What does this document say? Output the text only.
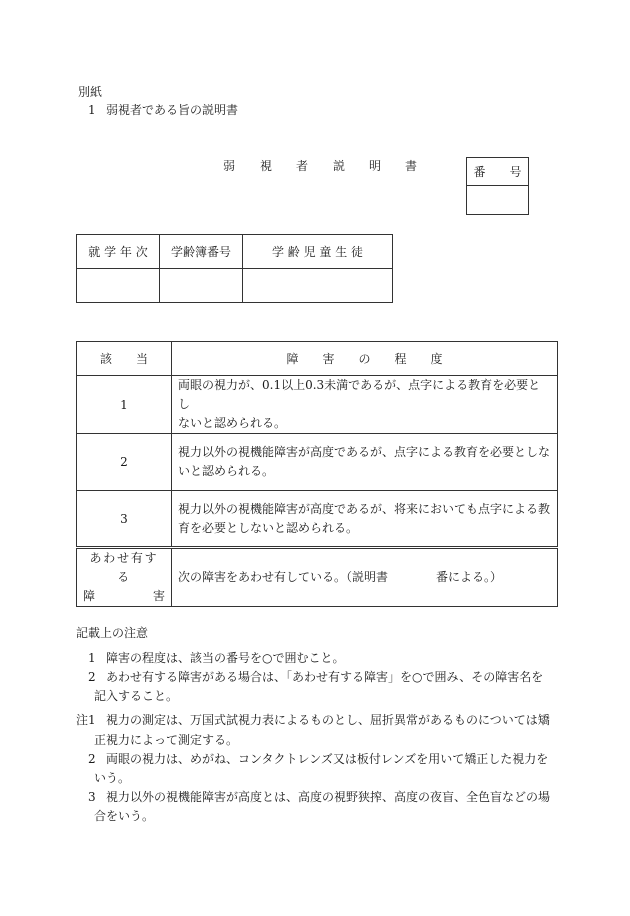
別紙
1 弱視者である旨の説明書
弱 視 者 説 明 書	番　　号

就 学 年 次	学齢簿番号	学 齢 児 童 生 徒

該　　当	障　　害　　の　　程　　度
1	両眼の視力が、0.1以上0.3未満であるが、点字による教育を必要とし
ないと認められる。

2	視力以外の視機能障害が高度であるが、点字による教育を必要としな
いと認められる。

3	視力以外の視機能障害が高度であるが、将来においても点字による教
育を必要としないと認められる。

あわせ有する
障 害	次の障害をあわせ有している。（説明書　　　　番による。）
記載上の注意
1 障害の程度は、該当の番号を○で囲むこと。
2 あわせ有する障害がある場合は、「あわせ有する障害」を○で囲み、その障害名を
記入すること。
注 1 視力の測定は、万国式試視力表によるものとし、屈折異常があるものについては矯
正視力によって測定する。
2 両眼の視力は、めがね、コンタクトレンズ又は板付レンズを用いて矯正した視力を
いう。
3 視力以外の視機能障害が高度とは、高度の視野狭搾、高度の夜盲、全色盲などの場
合をいう。
